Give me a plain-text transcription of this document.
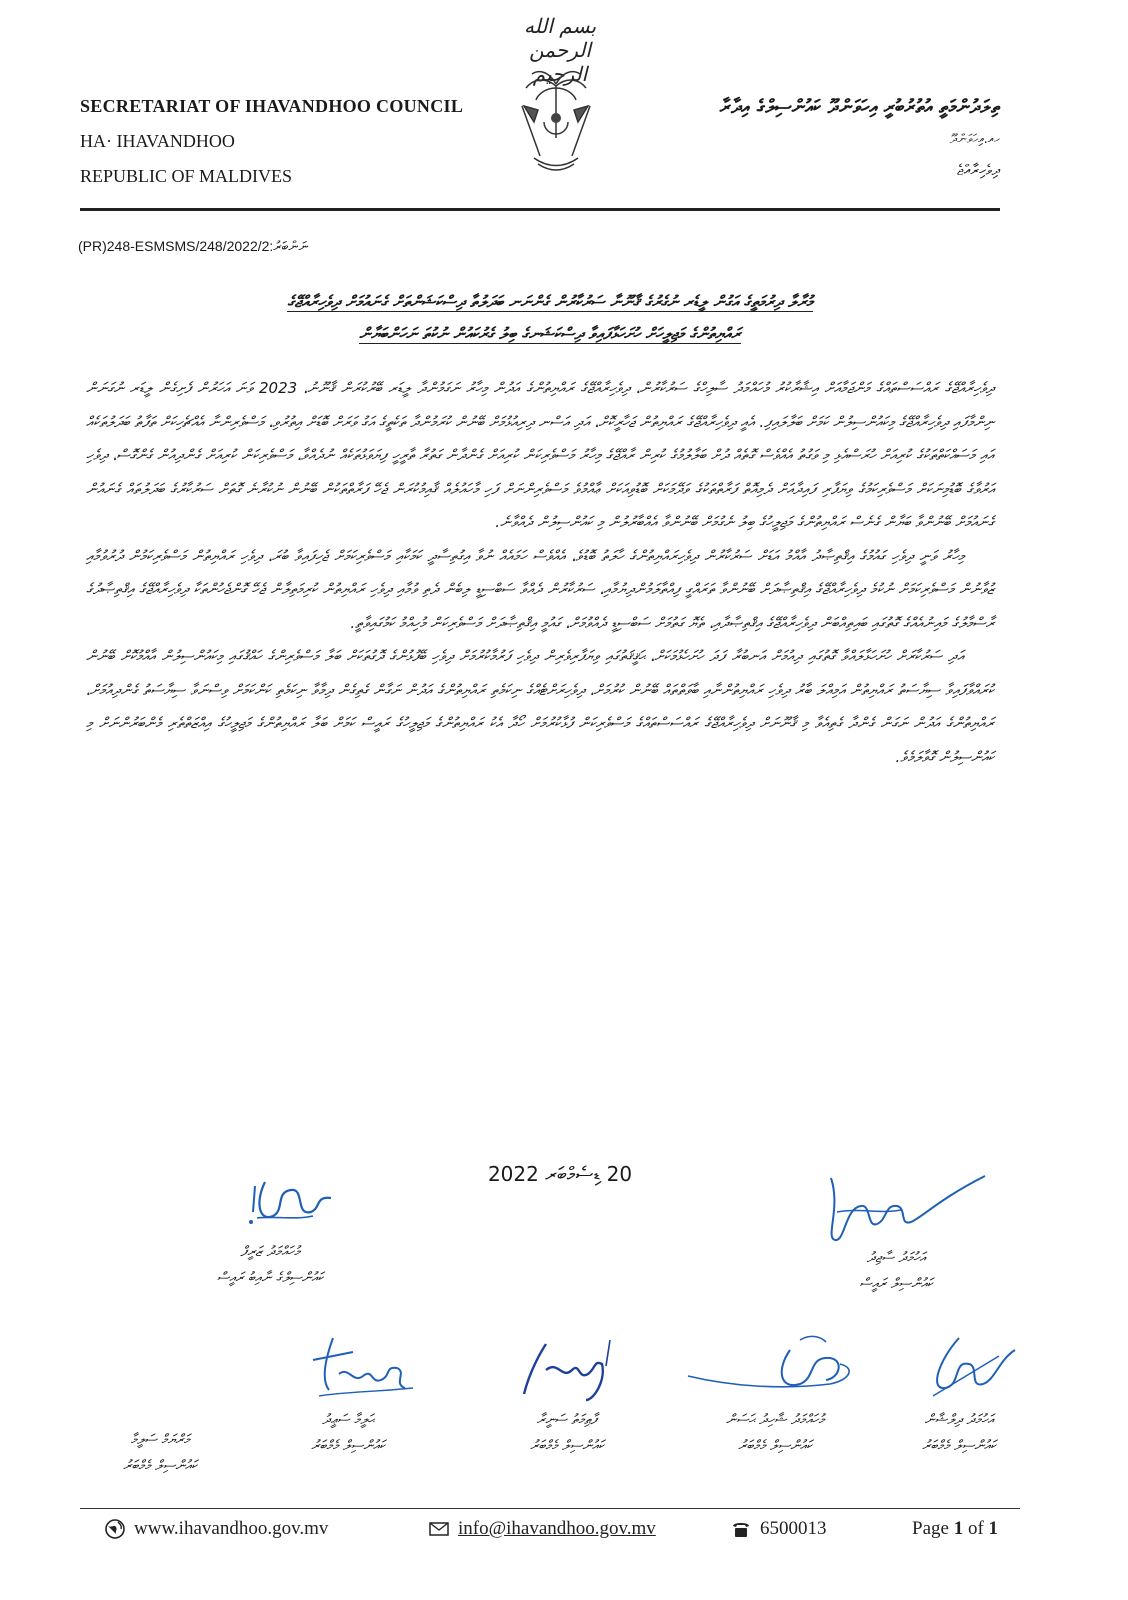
بسم الله الرحمن الرحيم
SECRETARIAT OF IHAVANDHOO COUNCIL
HA· IHAVANDHOO
REPUBLIC OF MALDIVES
ތިލަދުންމަތީ އުތުރުބުރީ އިހަވަންދޫ ކައުންސިލްގެ އިދާރާ
ހއ.އިހަވަންދޫ
ދިވެހިރާއްޖެ
(PR)248-ESMSMS/248/2022/2:ނަންބަރު
މުރާލާ ދިރުމަތީގެ އަގުން ލީޑެރ ނުގެރުގެ ޤާނޫނާ ސަރުކާރުން ގެންނަނ ބަދަލުތާ ދިސްކަޝަންތަށް ގެނައުމަށް ދިވެހިރާއްޖޭގެ
ރައްޔިތުންގެ މަޖިލީހަށް ހުށަހަޅާފައިވާ ދިސްކަޝަނގެ ބިލު ގެރުކައުން ނުކުތަ ނަހަންބަޔާން

ދިވެހިރާއްޖޭގެ ރައްސަސްތައްގެ މަންޖަމާއަށް އިޝާރާކުރު މުހައްމަދު ސާލިހްގެ ސަރުކާރުން، ދިވެހިރާއްޖޭގެ ރައްޔިތުންގެ އަދުން މިހާރު ނަގަމުންދާ ލީޑަރ ބޭރުކުރަން ޤާނޫނު، 2023 ވަނަ އަހަރުން ފެށިގެން ލީޑަރ ނުގަނަން ނިންމާފައި ދިވެހިރާއްޖޭގެ މިކައުންސިލުން ކަމަށް ބަލާލައިފި. އެއީ ދިވެހިރާއްޖޭގެ ރައްޔިތުން ޖަހާރީކޮށް، އަދި އަސްނ ދިރިއުޅުމަށް ބޭނުން ކުރަމުންދާ ތަކެތީގެ އަގު ވަރަށް ބޮޑަށް އިތުރުވި، މަސްވެރިންނާ އެއްޗެހިކަށް ތަފާތު ބަދަލުތަކެއް އައި މަސައްކަތްތަކުގެ ކުރިއަށް ހުރަސްއެޅި މި ވަގުތު އެއްވެސް ގޮތެއް ދުށް ބަލާލުމުގެ ކުރިން ރާއްޖޭގެ މިހާރު މަސްވެރިކަން ކުރިއަށް ގެންދާން ގަތުރާ ތާރީހީ ފިޔަވަޅުތަކެއް ނުދެއްވާ، މަސްވެރިކަން ކުރިއަށް ގެންދިއުން ގެންގޮސް، ދިވެހި އަރުވާގެ ބޮޑުމިނަކަށް މަސްވެރިކަމުގެ ވިޔަފާރި ފައިދާއަށް ދެމިއޮތް ފަރާތްތަކުގެ ވަދޭމަކަށް ބޮޑުވިއަކަށް ޢާއްމުވެ މަސްވެރިންނަށް ފަހި މާހައުލެއް ޤާއިމުކުރަން ޖެހޭ ފަރާތްތަކުން ބޭނުން ނުކުރާނެ ގޮތަށް ސަރުކާރުގެ ބަދަލުތައް ގެނައުން ގެނައުމަށް ބޭނުންވާ ބަޔާން ގެނެސް ރައްޔިތުންގެ މަޖިލީހުގެ ބިލު ނެގުމަށް ބޭނުންވާ އެއްބާރުލުން މި ކައުންސިލުން ދެއްވާނެ.

މިހާރު ވަނީ ދިވެހި ގައުމުގެ އިޤްތިޞާދު އާއްމު އަޑަށް ސަރުކާރުން ދިވެހިރައްޔިތުންގެ ހާލަތު ބޮޑުވެ، އެއްވެސް ހަމައެއް ނުވާ އިގުތިސާދީ ކަމަކާއި މަސްވެރިކަމަށް ޖެހިފައިވާ ބުރަ، ދިވެހި ރައްޔިތުން މަސްވެރިކަމުން ދުރުވުމާއި ޒުވާނުން މަސްވެރިކަމަށް ނުކުމެ ދިވެހިރާއްޖޭގެ އިޤްތިޞާދަށް ބޭނުންވާ ތަރައްގީ ފިއްތާލަމުންދިޔުމާއި، ސަރުކާރުން ދެއްވާ ސަބްސިޑީ ލިބެން ދެތި ވުމާއި ދިވެހި ރައްޔިތުން ކުރިމަތިލާން ޖެހޭ ގޮންޖެހުންތަކާ ދިވެހިރާއްޖޭގެ އިޤްތިޞާދުގެ ރާސްމާލުގެ މައިނުއެއްގެ ގޮތުގައި ބައިތިއްބަން ދިވެހިރާއްޖޭގެ އިޤްތިޞާދާއި، ތެޔޮ ގަތުމަށް ސަބްސިޑީ ދެއްވުމަށް، ގައުމީ އިޤްތިޞާދަށް މަސްވެރިކަން މުހިއްމު ކަމުގައިވާތީ.

އަދި ސަރުކާރަށް ހުށަހަޅާލައްވާ ގޮތުގައި ދިއުމަށް އަނބުރާ ފަދަ ހުށަހެޅުމަކަށް، ޙަޤީޤަތުގައި ވިޔަފާރިވެރިން ދިވެހި ފަރުމާކުރުމަށް ދިވެހި ބޭފުޅުންގެ ދޮގުތަކަށް ބަލާ މަސްވެރިންގެ ހައްޤުގައި މިކައުންސިލުން އާއްމުކޮށް ބޭނުން ކުރައްވާފައިވާ ސިޔާސަތު ރައްޔިތުން އަމިއްލަ ބާރު ދިވެހި ރައްޔިތުންނާއި ބާވަތްތައް ބޭނުން ކުރުމަށް، ދިވެހިރަށްޓެއްގެ ނިކަމެތި ރައްޔިތުންގެ އަދުން ނަގާން ގެތިގެން ދިމާވާ ނިކަމެތި ކަންކަމަށް ވިސްނަވާ ސިޔާސަތު ގެންދިއުމަށް، ރައްޔިތުންގެ އަދުން ނަގަން ގެންދާ ގެތިއެވާ މި ޤާނޫނަށް ދިވެހިރާއްޖޭގެ ރައްސަސްތައްގެ މަސްވެރިކަން ފުޅާކުރުމަށް ހޯދާ އެކު ރައްޔިތުންގެ މަޖިލީހުގެ ރައީސް ކަމަށް ބަލާ ރައްޔިތުންގެ މަޖިލީހުގެ އިއްޒަތްތެރި މެންބަރުންނަށް މި ކައުންސިލުން ގޮވާލަމެވެ.

20 ޑިސެމްބަރ 2022
އަހުމަދު ސާޖިދު
ކައުންސިލް ރައީސް
މުހައްމަދު ޒަރީފް
ކައުންސިލްގެ ނާއިބު ރައީސް
އަހުމަދު ދިލްޝާން
ކައުންސިލް މެމްބަރު
މުހައްމަދު ޝާހިދު ޙަސަން
ކައުންސިލް މެމްބަރު
ފާޠިމަތު ސަނީރާ
ކައުންސިލް މެމްބަރު
ޙަލީމާ ސަޢީދު
ކައުންސިލް މެމްބަރު
މަރްޔަމް ސަލީމާ
ކައުންސިލް މެމްބަރު
www.ihavandhoo.gov.mv	info@ihavandhoo.gov.mv	6500013	Page 1 of 1
